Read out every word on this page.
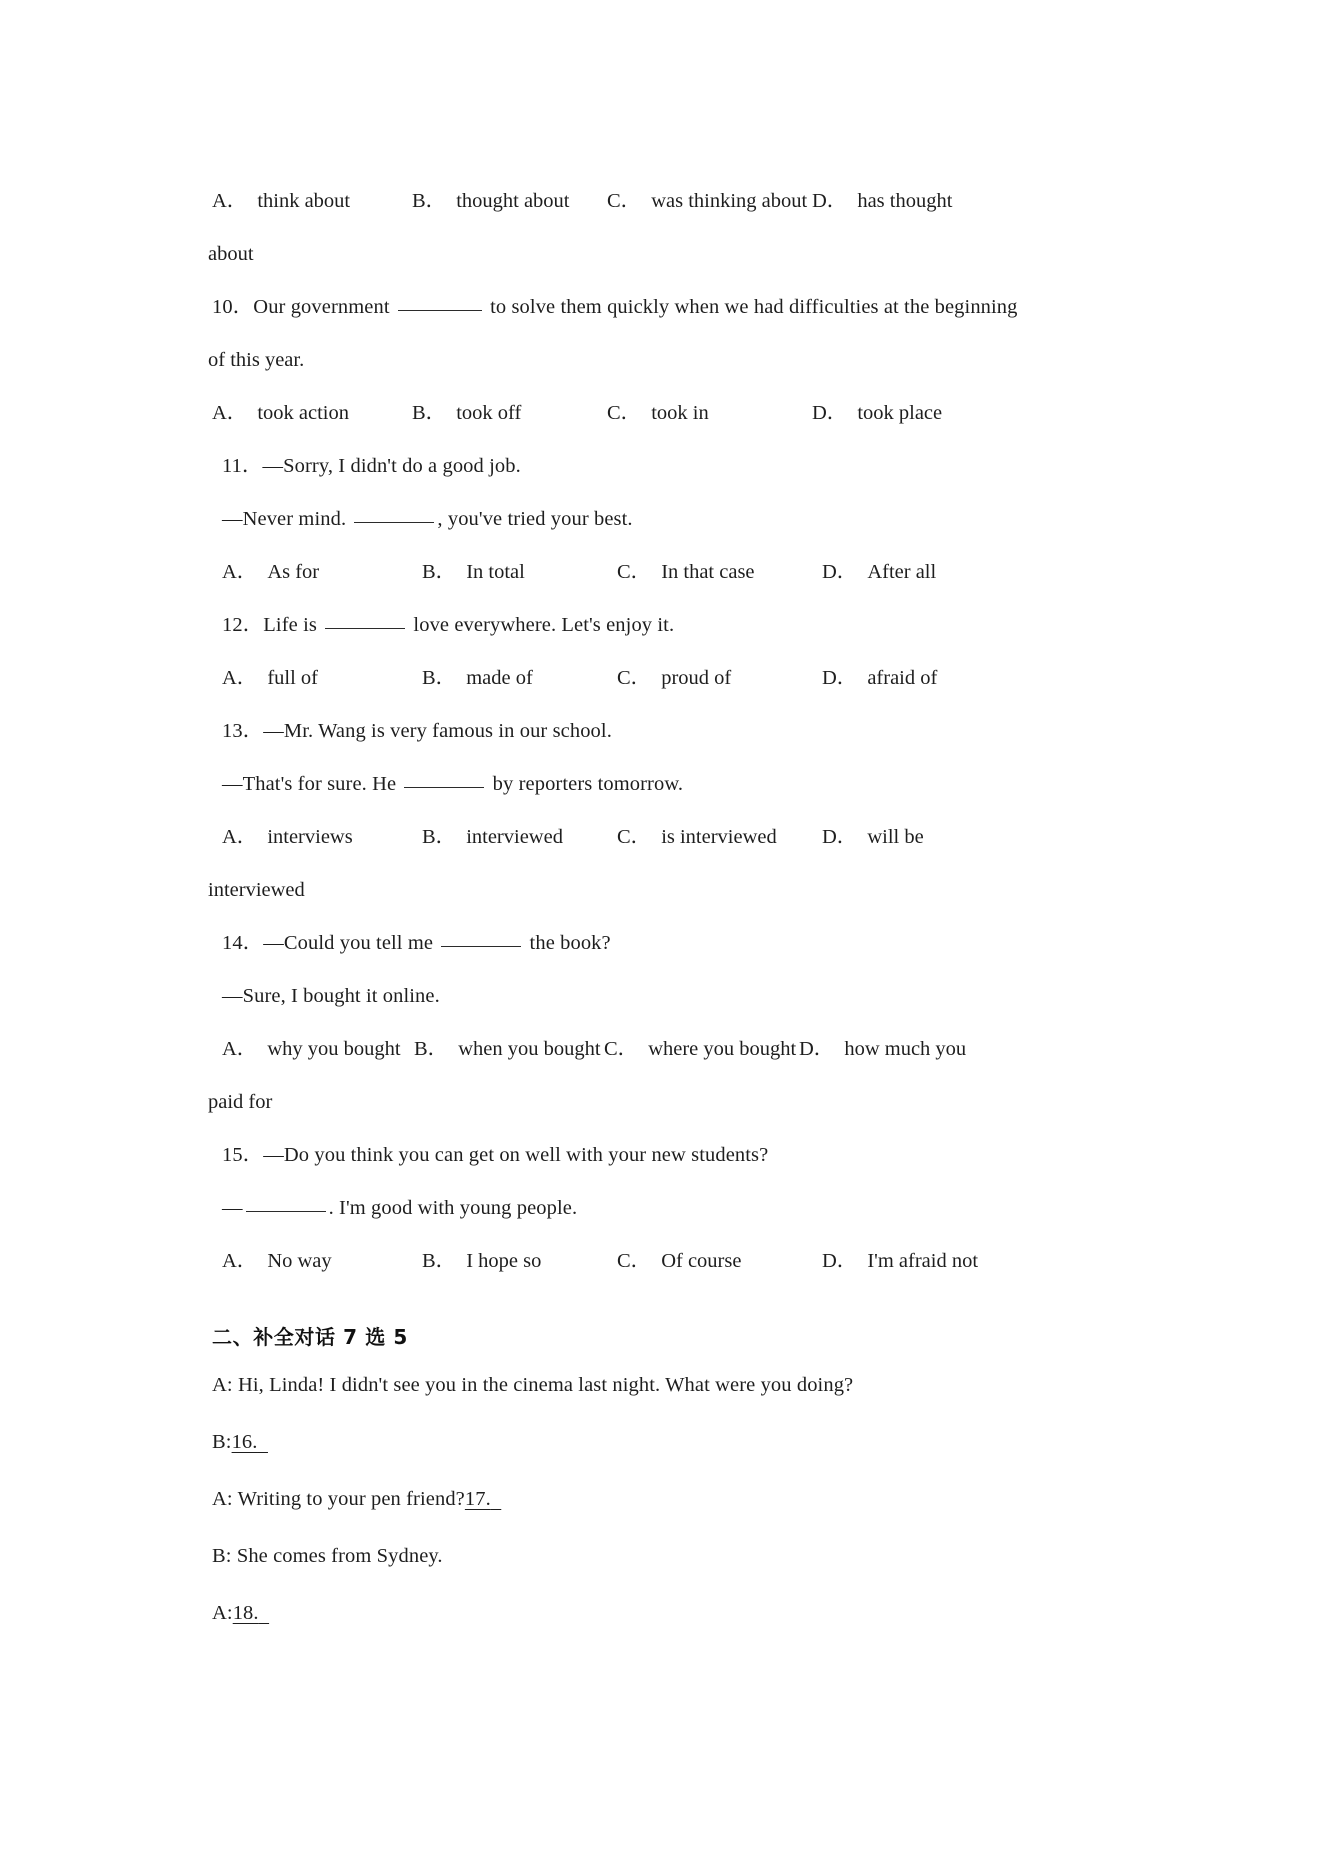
A． think about	B． thought about	C． was thinking about D． has thought
about
10．Our government	to solve them quickly when we had difficulties at the beginning
of this year.
A． took action	B． took off	C． took in	D． took place
11．—Sorry, I didn't do a good job.
—Never mind.	, you've tried your best.
A． As for	B． In total	C． In that case	D． After all
12．Life is	love everywhere. Let's enjoy it.
A． full of	B． made of	C． proud of	D． afraid of
13．—Mr. Wang is very famous in our school.
—That's for sure. He	by reporters tomorrow.
A． interviews	B． interviewed	C． is interviewed	D． will be
interviewed
14．—Could you tell me	the book?
—Sure, I bought it online.
A． why you bought B． when you bought C． where you bought D． how much you
paid for
15．—Do you think you can get on well with your new students?
—	. I'm good with young people.
A． No way	B． I hope so	C． Of course	D． I'm afraid not
二、补全对话 7 选 5
A: Hi, Linda! I didn't see you in the cinema last night. What were you doing?
B:16.
A: Writing to your pen friend?17.
B: She comes from Sydney.
A:18.
